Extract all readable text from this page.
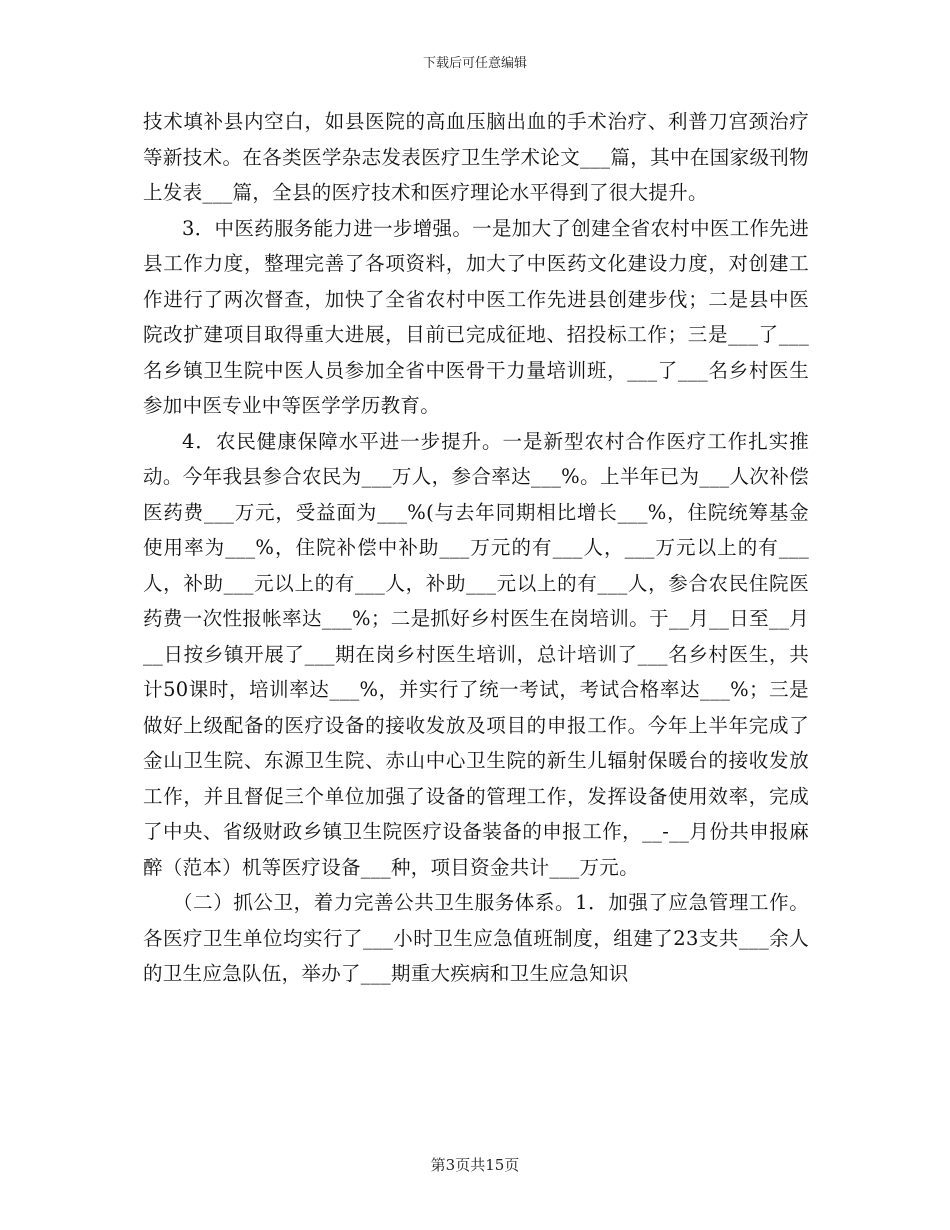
下载后可任意编辑

技术填补县内空白，如县医院的高血压脑出血的手术治疗、利普刀宫颈治疗等新技术。在各类医学杂志发表医疗卫生学术论文___篇，其中在国家级刊物上发表___篇，全县的医疗技术和医疗理论水平得到了很大提升。

3．中医药服务能力进一步增强。一是加大了创建全省农村中医工作先进县工作力度，整理完善了各项资料，加大了中医药文化建设力度，对创建工作进行了两次督查，加快了全省农村中医工作先进县创建步伐；二是县中医院改扩建项目取得重大进展，目前已完成征地、招投标工作；三是___了___名乡镇卫生院中医人员参加全省中医骨干力量培训班，___了___名乡村医生参加中医专业中等医学学历教育。

4．农民健康保障水平进一步提升。一是新型农村合作医疗工作扎实推动。今年我县参合农民为___万人，参合率达___%。上半年已为___人次补偿医药费___万元，受益面为___%(与去年同期相比增长___%，住院统筹基金使用率为___%，住院补偿中补助___万元的有___人，___万元以上的有___人，补助___元以上的有___人，补助___元以上的有___人，参合农民住院医药费一次性报帐率达___%；二是抓好乡村医生在岗培训。于__月__日至__月__日按乡镇开展了___期在岗乡村医生培训，总计培训了___名乡村医生，共计50课时，培训率达___%，并实行了统一考试，考试合格率达___%；三是做好上级配备的医疗设备的接收发放及项目的申报工作。今年上半年完成了金山卫生院、东源卫生院、赤山中心卫生院的新生儿辐射保暖台的接收发放工作，并且督促三个单位加强了设备的管理工作，发挥设备使用效率，完成了中央、省级财政乡镇卫生院医疗设备装备的申报工作，__-__月份共申报麻醉（范本）机等医疗设备___种，项目资金共计___万元。

（二）抓公卫，着力完善公共卫生服务体系。1．加强了应急管理工作。各医疗卫生单位均实行了___小时卫生应急值班制度，组建了23支共___余人的卫生应急队伍，举办了___期重大疾病和卫生应急知识

第3页共15页
